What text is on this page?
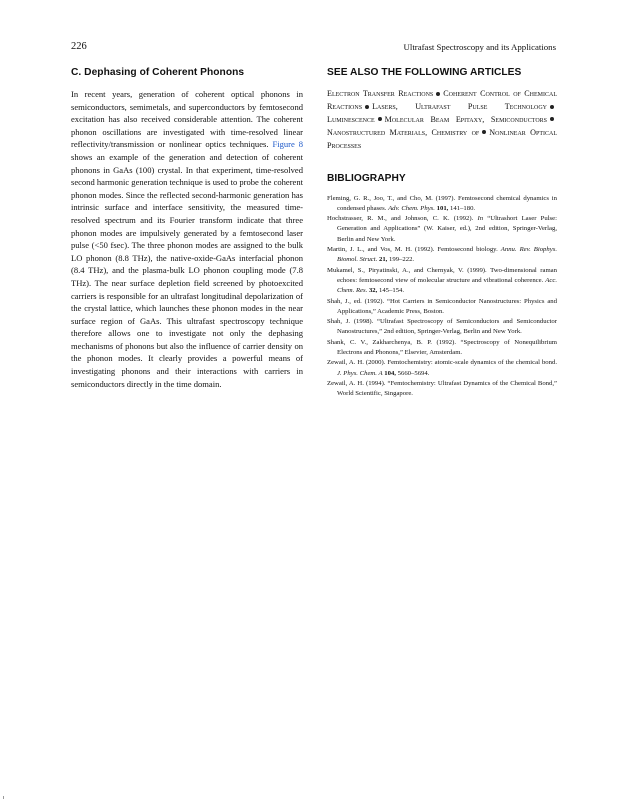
226	Ultrafast Spectroscopy and its Applications
C. Dephasing of Coherent Phonons

In recent years, generation of coherent optical phonons in semiconductors, semimetals, and superconductors by femtosecond excitation has also received considerable attention. The coherent phonon oscillations are investigated with time-resolved linear reflectivity/transmission or nonlinear optics techniques. Figure 8 shows an example of the generation and detection of coherent phonons in GaAs (100) crystal. In that experiment, time-resolved second harmonic generation technique is used to probe the coherent phonon modes. Since the reflected second-harmonic generation has intrinsic surface and interface sensitivity, the measured time-resolved spectrum and its Fourier transform indicate that three phonon modes are impulsively generated by a femtosecond laser pulse (<50 fsec). The three phonon modes are assigned to the bulk LO phonon (8.8 THz), the native-oxide-GaAs interfacial phonon (8.4 THz), and the plasma-bulk LO phonon coupling mode (7.8 THz). The near surface depletion field screened by photoexcited carriers is responsible for an ultrafast longitudinal depolarization of the crystal lattice, which launches these phonon modes in the near surface region of GaAs. This ultrafast spectroscopy technique therefore allows one to investigate not only the dephasing mechanisms of phonons but also the influence of carrier density on the phonon modes. It clearly provides a powerful means of investigating phonons and their interactions with carriers in semiconductors directly in the time domain.

SEE ALSO THE FOLLOWING ARTICLES

Electron Transfer Reactions Coherent Control of Chemical Reactions Lasers, Ultrafast Pulse TechnologyLuminescence Molecular Beam Epitaxy, SemiconductorsNanostructured Materials, Chemistry of Nonlinear Optical Processes

BIBLIOGRAPHY
Fleming, G. R., Joo, T., and Cho, M. (1997). Femtosecond chemical dynamics in condensed phases. Adv. Chem. Phys. 101, 141–180.
Hochstrasser, R. M., and Johnson, C. K. (1992). In “Ultrashort Laser Pulse: Generation and Applications” (W. Kaiser, ed.), 2nd edition, Springer-Verlag, Berlin and New York.
Martin, J. L., and Vos, M. H. (1992). Femtosecond biology. Annu. Rev. Biophys. Biomol. Struct. 21, 199–222.
Mukamel, S., Piryatinski, A., and Chernyak, V. (1999). Two-dimensional raman echoes: femtosecond view of molecular structure and vibrational coherence. Acc. Chem. Res. 32, 145–154.
Shah, J., ed. (1992). “Hot Carriers in Semiconductor Nanostructures: Physics and Applications,” Academic Press, Boston.
Shah, J. (1998). “Ultrafast Spectroscopy of Semiconductors and Semiconductor Nanostructures,” 2nd edition, Springer-Verlag, Berlin and New York.
Shank, C. V., Zakharchenya, B. P. (1992). “Spectroscopy of Nonequilibrium Electrons and Phonons,” Elsevier, Amsterdam.
Zewail, A. H. (2000). Femtochemistry: atomic-scale dynamics of the chemical bond. J. Phys. Chem. A 104, 5660–5694.
Zewail, A. H. (1994). “Femtochemistry: Ultrafast Dynamics of the Chemical Bond,” World Scientific, Singapore.
